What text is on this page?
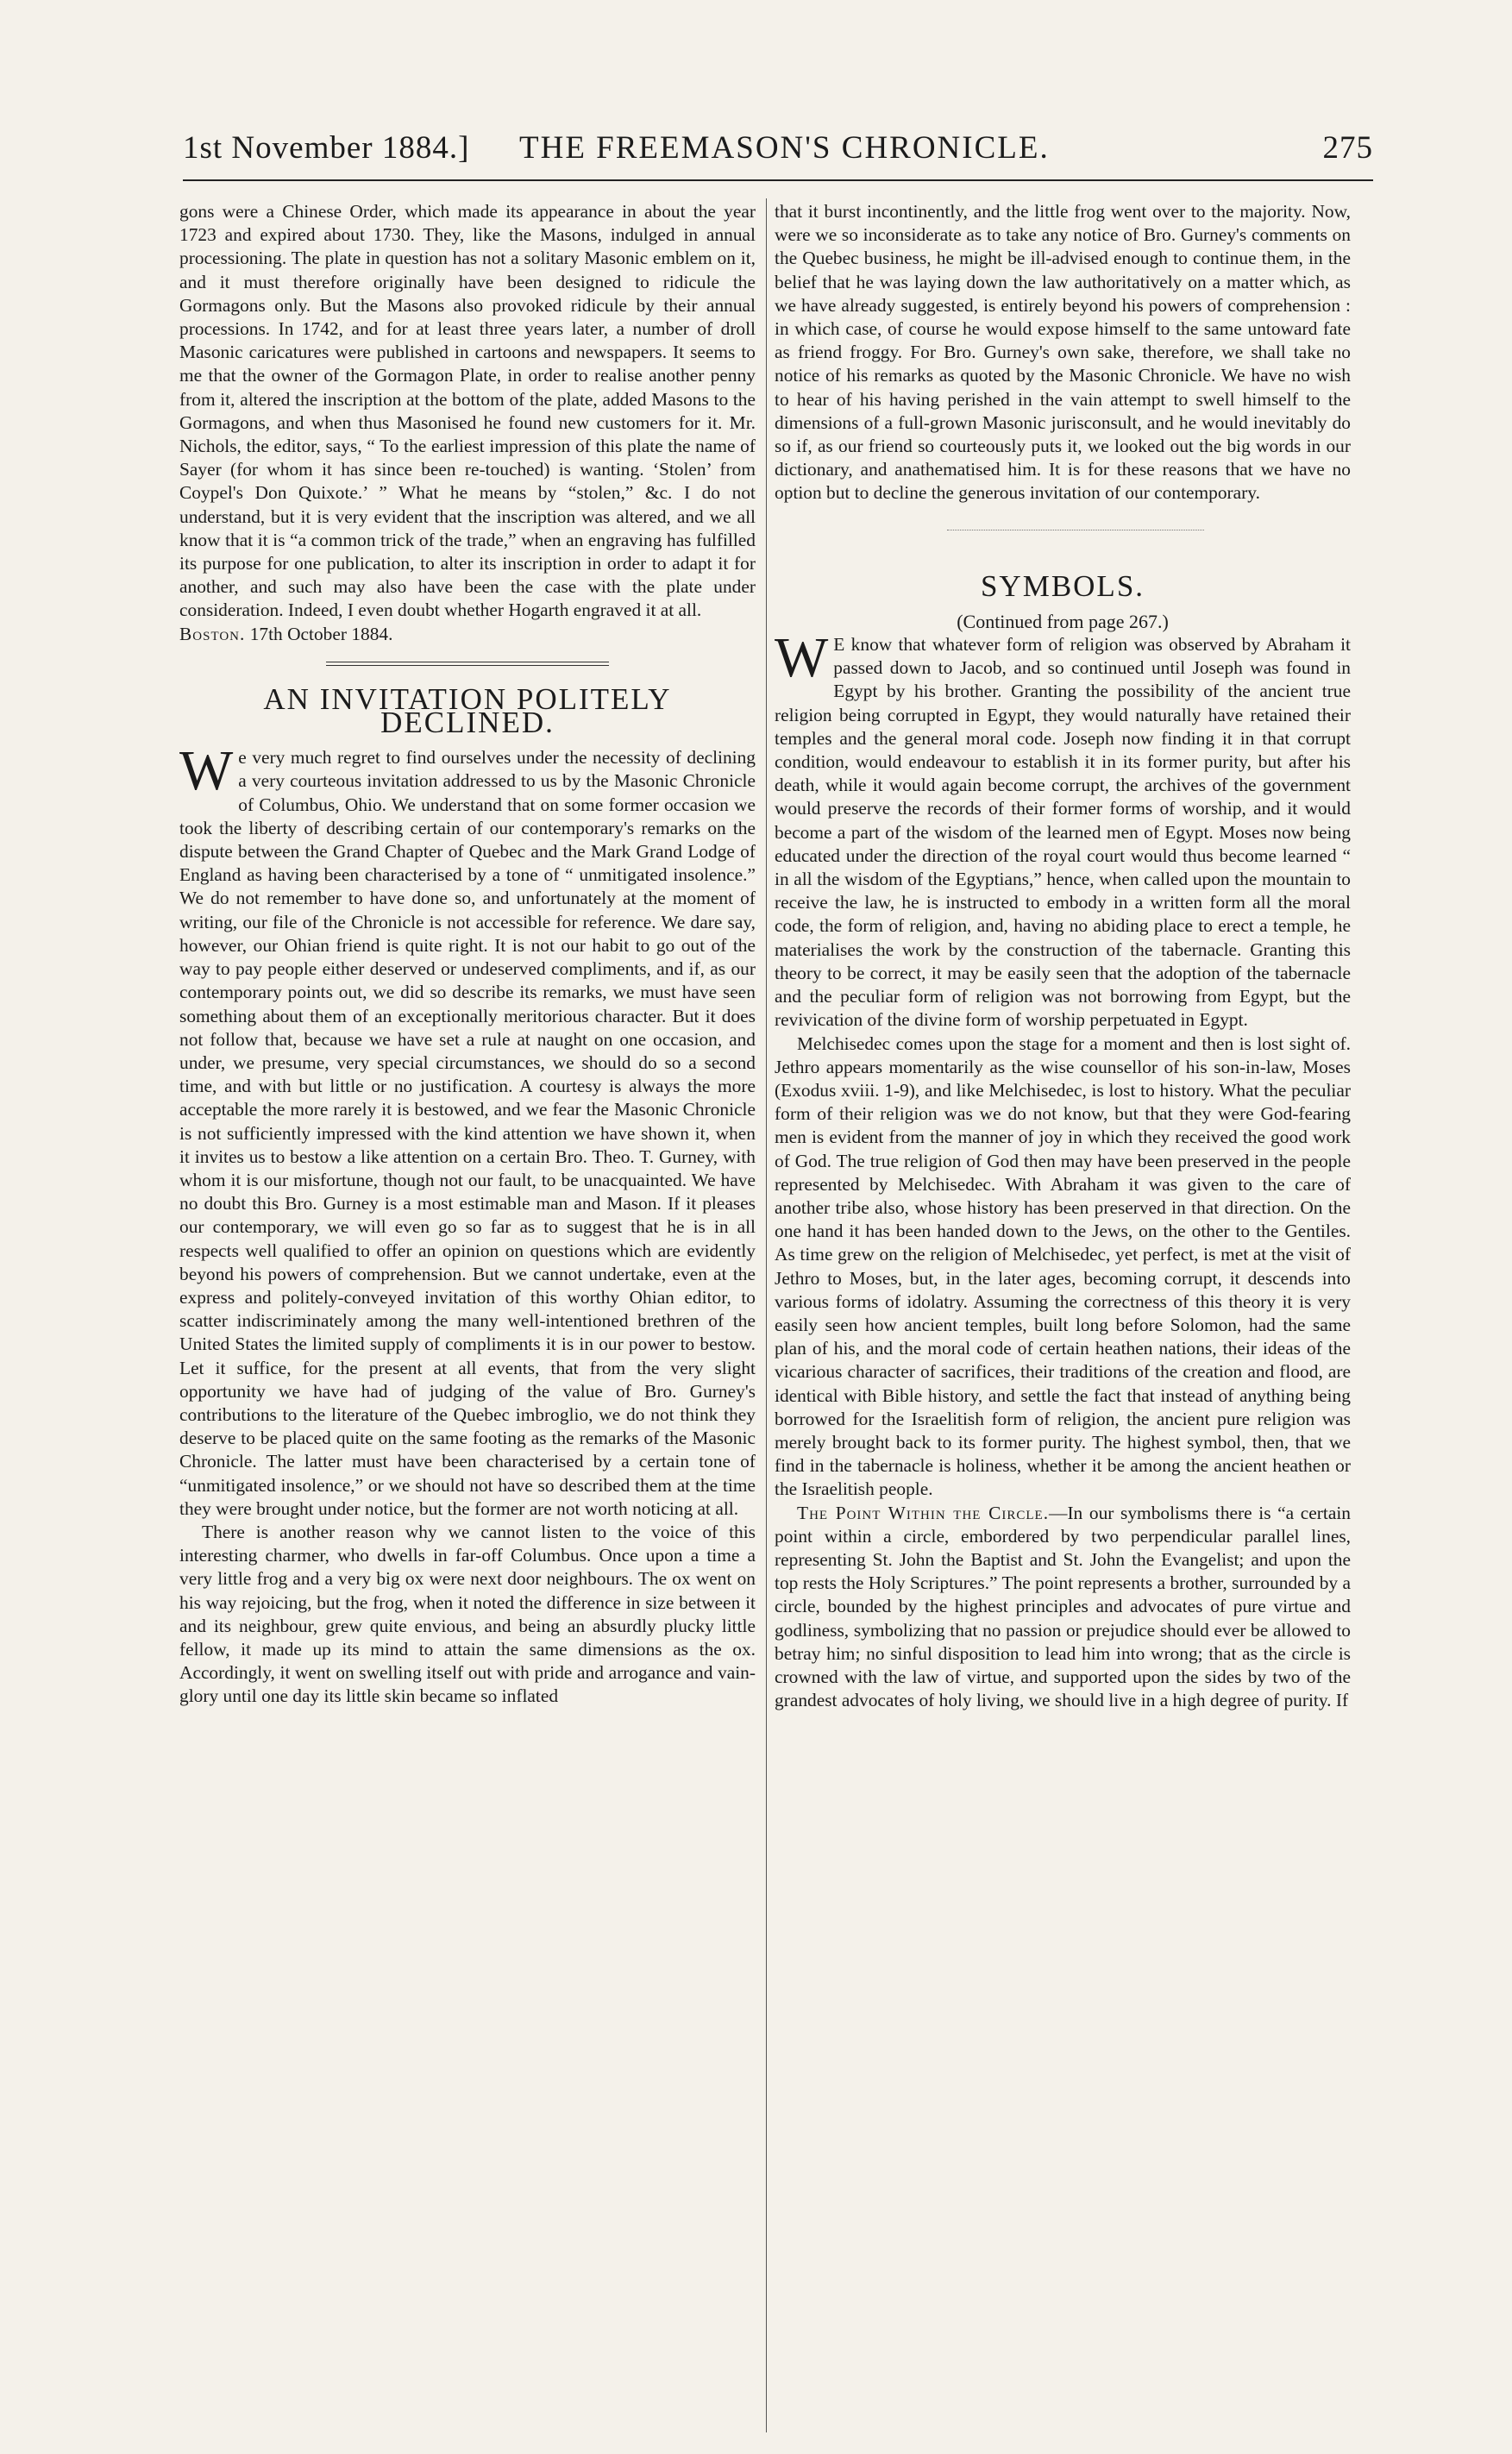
1st November 1884.] THE FREEMASON'S CHRONICLE.	275

gons were a Chinese Order, which made its appearance in about the year 1723 and expired about 1730. They, like the Masons, indulged in annual processioning. The plate in question has not a solitary Masonic emblem on it, and it must therefore originally have been designed to ridicule the Gormagons only. But the Masons also provoked ridicule by their annual processions. In 1742, and for at least three years later, a number of droll Masonic caricatures were published in cartoons and newspapers. It seems to me that the owner of the Gormagon Plate, in order to realise another penny from it, altered the inscription at the bottom of the plate, added Masons to the Gormagons, and when thus Masonised he found new customers for it. Mr. Nichols, the editor, says, “ To the earliest impression of this plate the name of Sayer (for whom it has since been re-touched) is wanting. ‘Stolen’ from Coypel's Don Quixote.’ ” What he means by “stolen,” &c. I do not understand, but it is very evident that the inscription was altered, and we all know that it is “a common trick of the trade,” when an engraving has fulfilled its purpose for one publication, to alter its inscription in order to adapt it for another, and such may also have been the case with the plate under consideration. Indeed, I even doubt whether Hogarth engraved it at all.

Boston. 17th October 1884.

AN INVITATION POLITELY DECLINED.

We very much regret to find ourselves under the necessity of declining a very courteous invitation addressed to us by the Masonic Chronicle of Columbus, Ohio. We understand that on some former occasion we took the liberty of describing certain of our contemporary's remarks on the dispute between the Grand Chapter of Quebec and the Mark Grand Lodge of England as having been characterised by a tone of “ unmitigated insolence.” We do not remember to have done so, and unfortunately at the moment of writing, our file of the Chronicle is not accessible for reference. We dare say, however, our Ohian friend is quite right. It is not our habit to go out of the way to pay people either deserved or undeserved compliments, and if, as our contemporary points out, we did so describe its remarks, we must have seen something about them of an exceptionally meritorious character. But it does not follow that, because we have set a rule at naught on one occasion, and under, we presume, very special circumstances, we should do so a second time, and with but little or no justification. A courtesy is always the more acceptable the more rarely it is bestowed, and we fear the Masonic Chronicle is not sufficiently impressed with the kind attention we have shown it, when it invites us to bestow a like attention on a certain Bro. Theo. T. Gurney, with whom it is our misfortune, though not our fault, to be unacquainted. We have no doubt this Bro. Gurney is a most estimable man and Mason. If it pleases our contemporary, we will even go so far as to suggest that he is in all respects well qualified to offer an opinion on questions which are evidently beyond his powers of comprehension. But we cannot undertake, even at the express and politely-conveyed invitation of this worthy Ohian editor, to scatter indiscriminately among the many well-intentioned brethren of the United States the limited supply of compliments it is in our power to bestow. Let it suffice, for the present at all events, that from the very slight opportunity we have had of judging of the value of Bro. Gurney's contributions to the literature of the Quebec imbroglio, we do not think they deserve to be placed quite on the same footing as the remarks of the Masonic Chronicle. The latter must have been characterised by a certain tone of “unmitigated insolence,” or we should not have so described them at the time they were brought under notice, but the former are not worth noticing at all.

There is another reason why we cannot listen to the voice of this interesting charmer, who dwells in far-off Columbus. Once upon a time a very little frog and a very big ox were next door neighbours. The ox went on his way rejoicing, but the frog, when it noted the difference in size between it and its neighbour, grew quite envious, and being an absurdly plucky little fellow, it made up its mind to attain the same dimensions as the ox. Accordingly, it went on swelling itself out with pride and arrogance and vain-glory until one day its little skin became so inflated

that it burst incontinently, and the little frog went over to the majority. Now, were we so inconsiderate as to take any notice of Bro. Gurney's comments on the Quebec business, he might be ill-advised enough to continue them, in the belief that he was laying down the law authoritatively on a matter which, as we have already suggested, is entirely beyond his powers of comprehension : in which case, of course he would expose himself to the same untoward fate as friend froggy. For Bro. Gurney's own sake, therefore, we shall take no notice of his remarks as quoted by the Masonic Chronicle. We have no wish to hear of his having perished in the vain attempt to swell himself to the dimensions of a full-grown Masonic jurisconsult, and he would inevitably do so if, as our friend so courteously puts it, we looked out the big words in our dictionary, and anathematised him. It is for these reasons that we have no option but to decline the generous invitation of our contemporary.

SYMBOLS.

(Continued from page 267.)

W E know that whatever form of religion was observed by Abraham it passed down to Jacob, and so continued until Joseph was found in Egypt by his brother. Granting the possibility of the ancient true religion being corrupted in Egypt, they would naturally have retained their temples and the general moral code. Joseph now finding it in that corrupt condition, would endeavour to establish it in its former purity, but after his death, while it would again become corrupt, the archives of the government would preserve the records of their former forms of worship, and it would become a part of the wisdom of the learned men of Egypt. Moses now being educated under the direction of the royal court would thus become learned “ in all the wisdom of the Egyptians,” hence, when called upon the mountain to receive the law, he is instructed to embody in a written form all the moral code, the form of religion, and, having no abiding place to erect a temple, he materialises the work by the construction of the tabernacle. Granting this theory to be correct, it may be easily seen that the adoption of the tabernacle and the peculiar form of religion was not borrowing from Egypt, but the revivication of the divine form of worship perpetuated in Egypt.

Melchisedec comes upon the stage for a moment and then is lost sight of. Jethro appears momentarily as the wise counsellor of his son-in-law, Moses (Exodus xviii. 1-9), and like Melchisedec, is lost to history. What the peculiar form of their religion was we do not know, but that they were God-fearing men is evident from the manner of joy in which they received the good work of God. The true religion of God then may have been preserved in the people represented by Melchisedec. With Abraham it was given to the care of another tribe also, whose history has been preserved in that direction. On the one hand it has been handed down to the Jews, on the other to the Gentiles. As time grew on the religion of Melchisedec, yet perfect, is met at the visit of Jethro to Moses, but, in the later ages, becoming corrupt, it descends into various forms of idolatry. Assuming the correctness of this theory it is very easily seen how ancient temples, built long before Solomon, had the same plan of his, and the moral code of certain heathen nations, their ideas of the vicarious character of sacrifices, their traditions of the creation and flood, are identical with Bible history, and settle the fact that instead of anything being borrowed for the Israelitish form of religion, the ancient pure religion was merely brought back to its former purity. The highest symbol, then, that we find in the tabernacle is holiness, whether it be among the ancient heathen or the Israelitish people.

The Point Within the Circle.—In our symbolisms there is “a certain point within a circle, embordered by two perpendicular parallel lines, representing St. John the Baptist and St. John the Evangelist; and upon the top rests the Holy Scriptures.” The point represents a brother, surrounded by a circle, bounded by the highest principles and advocates of pure virtue and godliness, symbolizing that no passion or prejudice should ever be allowed to betray him; no sinful disposition to lead him into wrong; that as the circle is crowned with the law of virtue, and supported upon the sides by two of the grandest advocates of holy living, we should live in a high degree of purity. If
